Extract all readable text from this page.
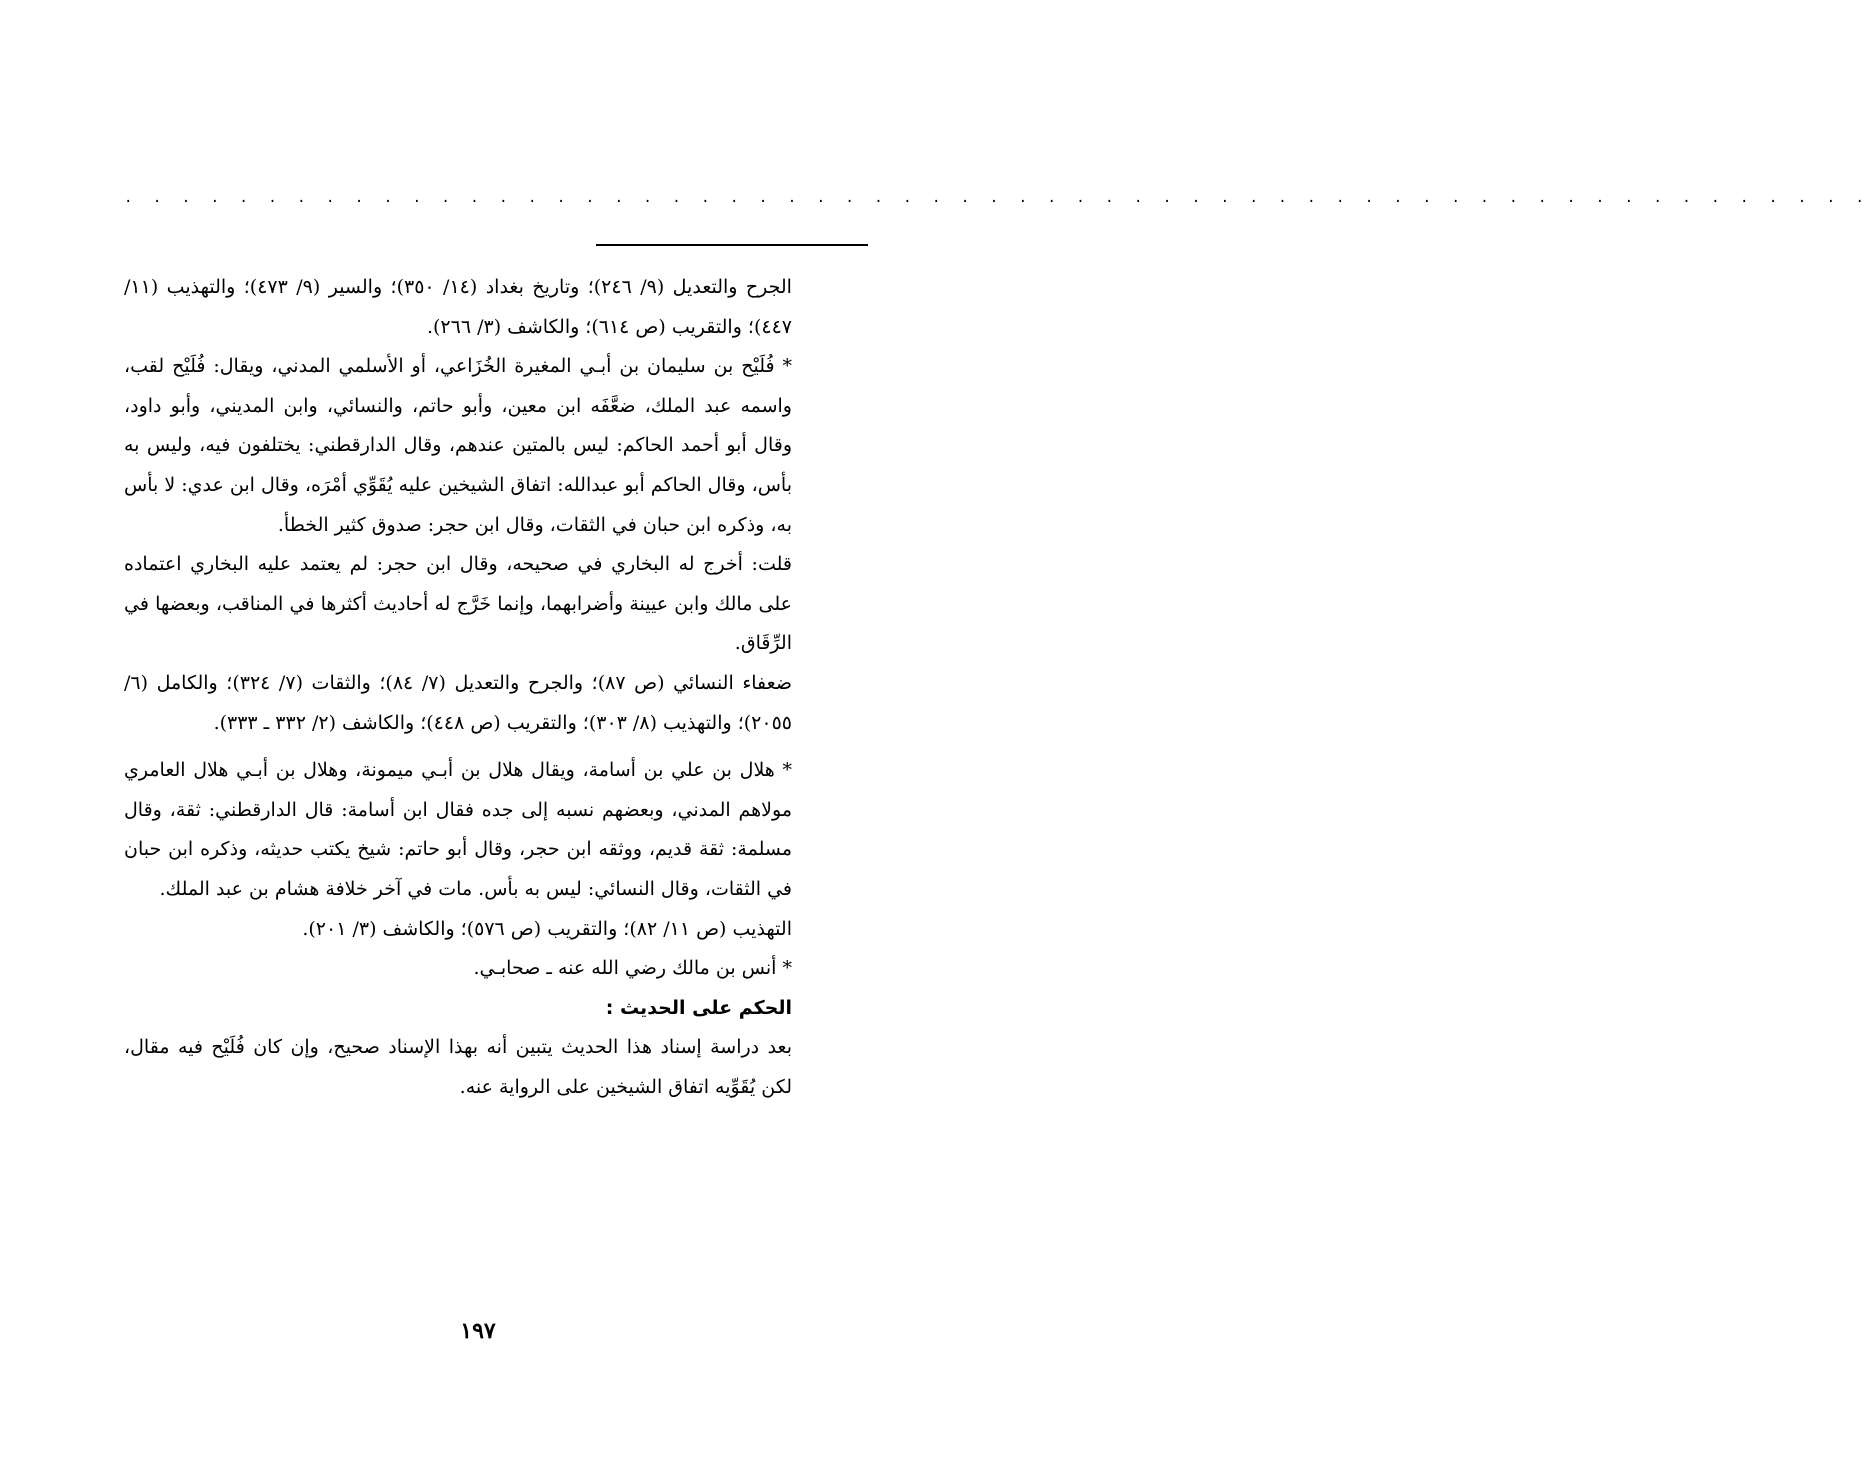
. . . . . . . . . . . . . . . . . . . . . . . . . . . . . . . . . . . . . . . . . . . . . . . . . . . . . . . . . . . . .

الجرح والتعديل (٩/ ٢٤٦)؛ وتاريخ بغداد (١٤/ ٣٥٠)؛ والسير (٩/ ٤٧٣)؛ والتهذيب (١١/ ٤٤٧)؛ والتقريب (ص ٦١٤)؛ والكاشف (٣/ ٢٦٦).

* فُلَيْح بن سليمان بن أبـي المغيرة الخُزَاعي، أو الأسلمي المدني، ويقال: فُلَيْح لقب، واسمه عبد الملك، ضعَّفَه ابن معين، وأبو حاتم، والنسائي، وابن المديني، وأبو داود، وقال أبو أحمد الحاكم: ليس بالمتين عندهم، وقال الدارقطني: يختلفون فيه، وليس به بأس، وقال الحاكم أبو عبدالله: اتفاق الشيخين عليه يُقَوِّي أمْرَه، وقال ابن عدي: لا بأس به، وذكره ابن حبان في الثقات، وقال ابن حجر: صدوق كثير الخطأ.

قلت: أخرج له البخاري في صحيحه، وقال ابن حجر: لم يعتمد عليه البخاري اعتماده على مالك وابن عيينة وأضرابهما، وإنما خَرَّج له أحاديث أكثرها في المناقب، وبعضها في الرِّقَاق.

ضعفاء النسائي (ص ٨٧)؛ والجرح والتعديل (٧/ ٨٤)؛ والثقات (٧/ ٣٢٤)؛ والكامل (٦/ ٢٠٥٥)؛ والتهذيب (٨/ ٣٠٣)؛ والتقريب (ص ٤٤٨)؛ والكاشف (٢/ ٣٣٢ ـ ٣٣٣).

* هلال بن علي بن أسامة، ويقال هلال بن أبـي ميمونة، وهلال بن أبـي هلال العامري مولاهم المدني، وبعضهم نسبه إلى جده فقال ابن أسامة: قال الدارقطني: ثقة، وقال مسلمة: ثقة قديم، ووثقه ابن حجر، وقال أبو حاتم: شيخ يكتب حديثه، وذكره ابن حبان في الثقات، وقال النسائي: ليس به بأس. مات في آخر خلافة هشام بن عبد الملك.

التهذيب (ص ١١/ ٨٢)؛ والتقريب (ص ٥٧٦)؛ والكاشف (٣/ ٢٠١).

* أنس بن مالك رضي الله عنه ـ صحابـي.

الحكم على الحديث :

بعد دراسة إسناد هذا الحديث يتبين أنه بهذا الإسناد صحيح، وإن كان فُلَيْح فيه مقال، لكن يُقَوِّيه اتفاق الشيخين على الرواية عنه.

١٩٧
